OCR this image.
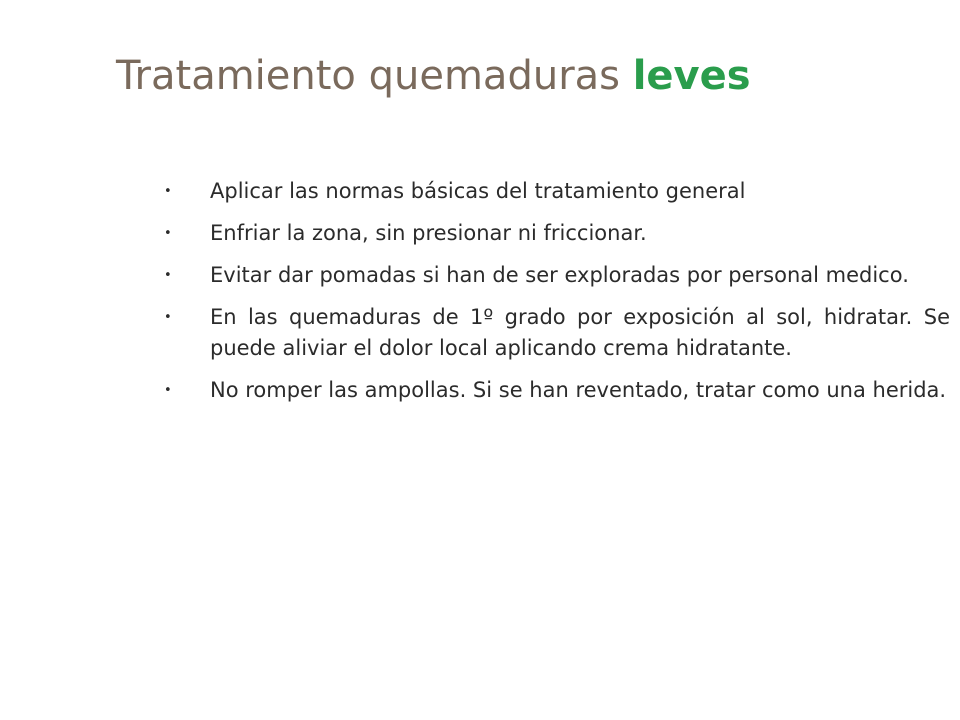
Tratamiento quemaduras leves
• Aplicar las normas básicas del tratamiento general
• Enfriar la zona, sin presionar ni friccionar.
• Evitar dar pomadas si han de ser exploradas por personal medico.
• En las quemaduras de 1º grado por exposición al sol, hidratar. Se puede aliviar el dolor local aplicando crema hidratante.
• No romper las ampollas. Si se han reventado, tratar como una herida.
